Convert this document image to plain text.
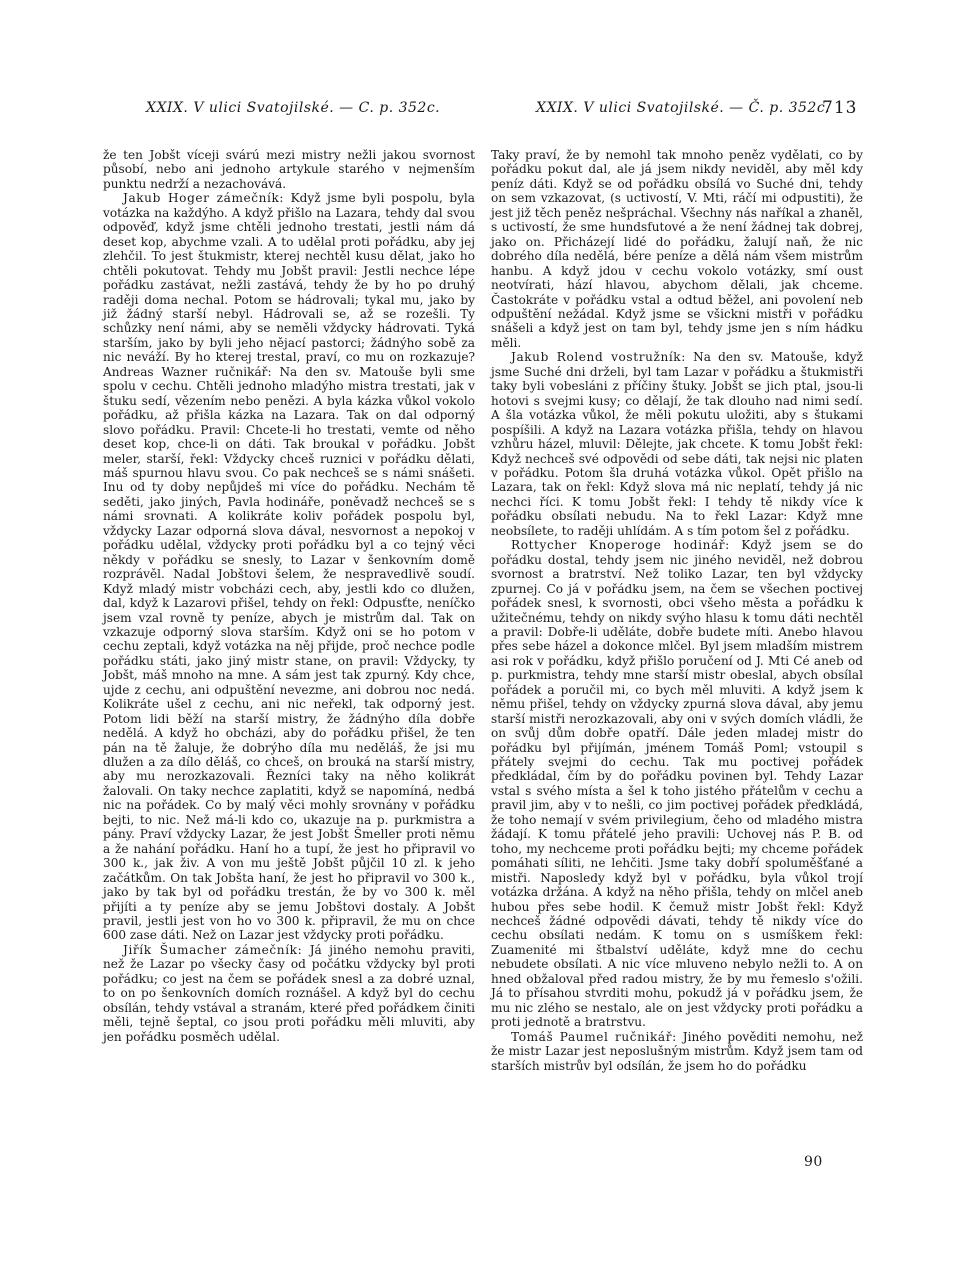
XXIX. V ulici Svatojilské. — C. p. 352c.	XXIX. V ulici Svatojilské. — Č. p. 352c.
713

že ten Jobšt víceji svárú mezi mistry nežli jakou svornost působí, nebo ani jednoho artykule starého v nejmenším punktu nedrží a nezachovává.

Jakub Hoger zámečník: Když jsme byli pospolu, byla votázka na každýho. A když přišlo na Lazara, tehdy dal svou odpověď, když jsme chtěli jednoho trestati, jestli nám dá deset kop, abychme vzali. A to udělal proti pořádku, aby jej zlehčil. To jest štukmistr, kterej nechtěl kusu dělat, jako ho chtěli pokutovat. Tehdy mu Jobšt pravil: Jestli nechce lépe pořádku zastávat, nežli zastává, tehdy že by ho po druhý raději doma nechal. Potom se hádrovali; tykal mu, jako by již žádný starší nebyl. Hádrovali se, až se rozešli. Ty schůzky není námi, aby se neměli vždycky hádrovati. Tyká starším, jako by byli jeho nějací pastorci; žádnýho sobě za nic neváží. By ho kterej trestal, praví, co mu on rozkazuje? Andreas Wazner ručnikář: Na den sv. Matouše byli sme spolu v cechu. Chtěli jednoho mladýho mistra trestati, jak v štuku sedí, vězením nebo penězi. A byla kázka vůkol vokolo pořádku, až přišla kázka na Lazara. Tak on dal odporný slovo pořádku. Pravil: Chcete-li ho trestati, vemte od něho deset kop, chce-li on dáti. Tak broukal v pořádku. Jobšt meler, starší, řekl: Vždycky chceš ruznici v pořádku dělati, máš spurnou hlavu svou. Co pak nechceš se s námi snášeti. Inu od ty doby nepůjdeš mi více do pořádku. Nechám tě seděti, jako jiných, Pavla hodináře, poněvadž nechceš se s námi srovnati. A kolikráte koliv pořádek pospolu byl, vždycky Lazar odporná slova dával, nesvornost a nepokoj v pořádku udělal, vždycky proti pořádku byl a co tejný věci někdy v pořádku se snesly, to Lazar v šenkovním domě rozprávěl. Nadal Jobštovi šelem, že nespravedlivě soudí. Když mladý mistr vobcházi cech, aby, jestli kdo co dlužen, dal, když k Lazarovi přišel, tehdy on řekl: Odpusťte, neníčko jsem vzal rovně ty peníze, abych je mistrům dal. Tak on vzkazuje odporný slova starším. Když oni se ho potom v cechu zeptali, když votázka na něj přijde, proč nechce podle pořádku státi, jako jiný mistr stane, on pravil: Vždycky, ty Jobšt, máš mnoho na mne. A sám jest tak zpurný. Kdy chce, ujde z cechu, ani odpuštění nevezme, ani dobrou noc nedá. Kolikráte ušel z cechu, ani nic neřekl, tak odporný jest. Potom lidi běží na starší mistry, že žádnýho díla dobře nedělá. A když ho obcházi, aby do pořádku přišel, že ten pán na tě žaluje, že dobrýho díla mu neděláš, že jsi mu dlužen a za dílo děláš, co chceš, on brouká na starší mistry, aby mu nerozkazovali. Řezníci taky na něho kolikrát žalovali. On taky nechce zaplatiti, když se napomíná, nedbá nic na pořádek. Co by malý věci mohly srovnány v pořádku bejti, to nic. Než má-li kdo co, ukazuje na p. purkmistra a pány. Praví vždycky Lazar, že jest Jobšt Šmeller proti němu a že nahání pořádku. Haní ho a tupí, že jest ho připravil vo 300 k., jak živ. A von mu ještě Jobšt půjčil 10 zl. k jeho začátkům. On tak Jobšta haní, že jest ho připravil vo 300 k., jako by tak byl od pořádku trestán, že by vo 300 k. měl přijíti a ty peníze aby se jemu Jobštovi dostaly. A Jobšt pravil, jestli jest von ho vo 300 k. připravil, že mu on chce 600 zase dáti. Než on Lazar jest vždycky proti pořádku.

Jiřík Šumacher zámečník: Já jiného nemohu praviti, než že Lazar po všecky časy od počátku vždycky byl proti pořádku; co jest na čem se pořádek snesl a za dobré uznal, to on po šenkovních domích roznášel. A když byl do cechu obsílán, tehdy vstával a stranám, které před pořádkem činiti měli, tejně šeptal, co jsou proti pořádku měli mluviti, aby jen pořádku posměch udělal.

Taky praví, že by nemohl tak mnoho peněz vydělati, co by pořádku pokut dal, ale já jsem nikdy neviděl, aby měl kdy peníz dáti. Když se od pořádku obsílá vo Suché dni, tehdy on sem vzkazovat, (s uctivostí, V. Mti, ráčí mi odpustiti), že jest již těch peněz nešpráchal. Všechny nás naříkal a zhaněl, s uctivostí, že sme hundsfutové a že není žádnej tak dobrej, jako on. Přicházejí lidé do pořádku, žalují naň, že nic dobrého díla nedělá, bére peníze a dělá nám všem mistrům hanbu. A když jdou v cechu vokolo votázky, smí oust neotvírati, hází hlavou, abychom dělali, jak chceme. Častokráte v pořádku vstal a odtud běžel, ani povolení neb odpuštění nežádal. Když jsme se všickni mistři v pořádku snášeli a když jest on tam byl, tehdy jsme jen s ním hádku měli.

Jakub Rolend vostružník: Na den sv. Matouše, když jsme Suché dni drželi, byl tam Lazar v pořádku a štukmistři taky byli vobesláni z příčiny štuky. Jobšt se jich ptal, jsou-li hotovi s svejmi kusy; co dělají, že tak dlouho nad nimi sedí. A šla votázka vůkol, že měli pokutu uložiti, aby s štukami pospíšili. A když na Lazara votázka přišla, tehdy on hlavou vzhůru házel, mluvil: Dělejte, jak chcete. K tomu Jobšt řekl: Když nechceš své odpovědi od sebe dáti, tak nejsi nic platen v pořádku. Potom šla druhá votázka vůkol. Opět přišlo na Lazara, tak on řekl: Když slova má nic neplatí, tehdy já nic nechci říci. K tomu Jobšt řekl: I tehdy tě nikdy více k pořádku obsílati nebudu. Na to řekl Lazar: Když mne neobsílete, to raději uhlídám. A s tím potom šel z pořádku.

Rottycher Knoperoge hodinář: Když jsem se do pořádku dostal, tehdy jsem nic jiného neviděl, než dobrou svornost a bratrství. Než toliko Lazar, ten byl vždycky zpurnej. Co já v pořádku jsem, na čem se všechen poctivej pořádek snesl, k svornosti, obci všeho města a pořádku k užitečnému, tehdy on nikdy svýho hlasu k tomu dáti nechtěl a pravil: Dobře-li uděláte, dobře budete míti. Anebo hlavou přes sebe házel a dokonce mlčel. Byl jsem mladším mistrem asi rok v pořádku, když přišlo poručení od J. Mti Cé aneb od p. purkmistra, tehdy mne starší mistr obeslal, abych obsílal pořádek a poručil mi, co bych měl mluviti. A když jsem k němu přišel, tehdy on vždycky zpurná slova dával, aby jemu starší mistři nerozkazovali, aby oni v svých domích vládli, že on svůj dům dobře opatří. Dále jeden mladej mistr do pořádku byl přijímán, jménem Tomáš Poml; vstoupil s přátely svejmi do cechu. Tak mu poctivej pořádek předkládal, čím by do pořádku povinen byl. Tehdy Lazar vstal s svého místa a šel k toho jistého přátelům v cechu a pravil jim, aby v to nešli, co jim poctivej pořádek předkládá, že toho nemají v svém privilegium, čeho od mladého mistra žádají. K tomu přátelé jeho pravili: Uchovej nás P. B. od toho, my nechceme proti pořádku bejti; my chceme pořádek pomáhati síliti, ne lehčiti. Jsme taky dobří spoluměšťané a mistři. Naposledy když byl v pořádku, byla vůkol trojí votázka držána. A když na něho přišla, tehdy on mlčel aneb hubou přes sebe hodil. K čemuž mistr Jobšt řekl: Když nechceš žádné odpovědi dávati, tehdy tě nikdy více do cechu obsílati nedám. K tomu on s usmíškem řekl: Zuamenité mi štbalství uděláte, když mne do cechu nebudete obsílati. A nic více mluveno nebylo nežli to. A on hned obžaloval před radou mistry, že by mu řemeslo s'ožili. Já to přísahou stvrditi mohu, pokudž já v pořádku jsem, že mu nic zlého se nestalo, ale on jest vždycky proti pořádku a proti jednotě a bratrstvu.

Tomáš Paumel ručnikář: Jiného pověditi nemohu, než že mistr Lazar jest neposlušným mistrům. Když jsem tam od starších mistrův byl odsílán, že jsem ho do pořádku

90
